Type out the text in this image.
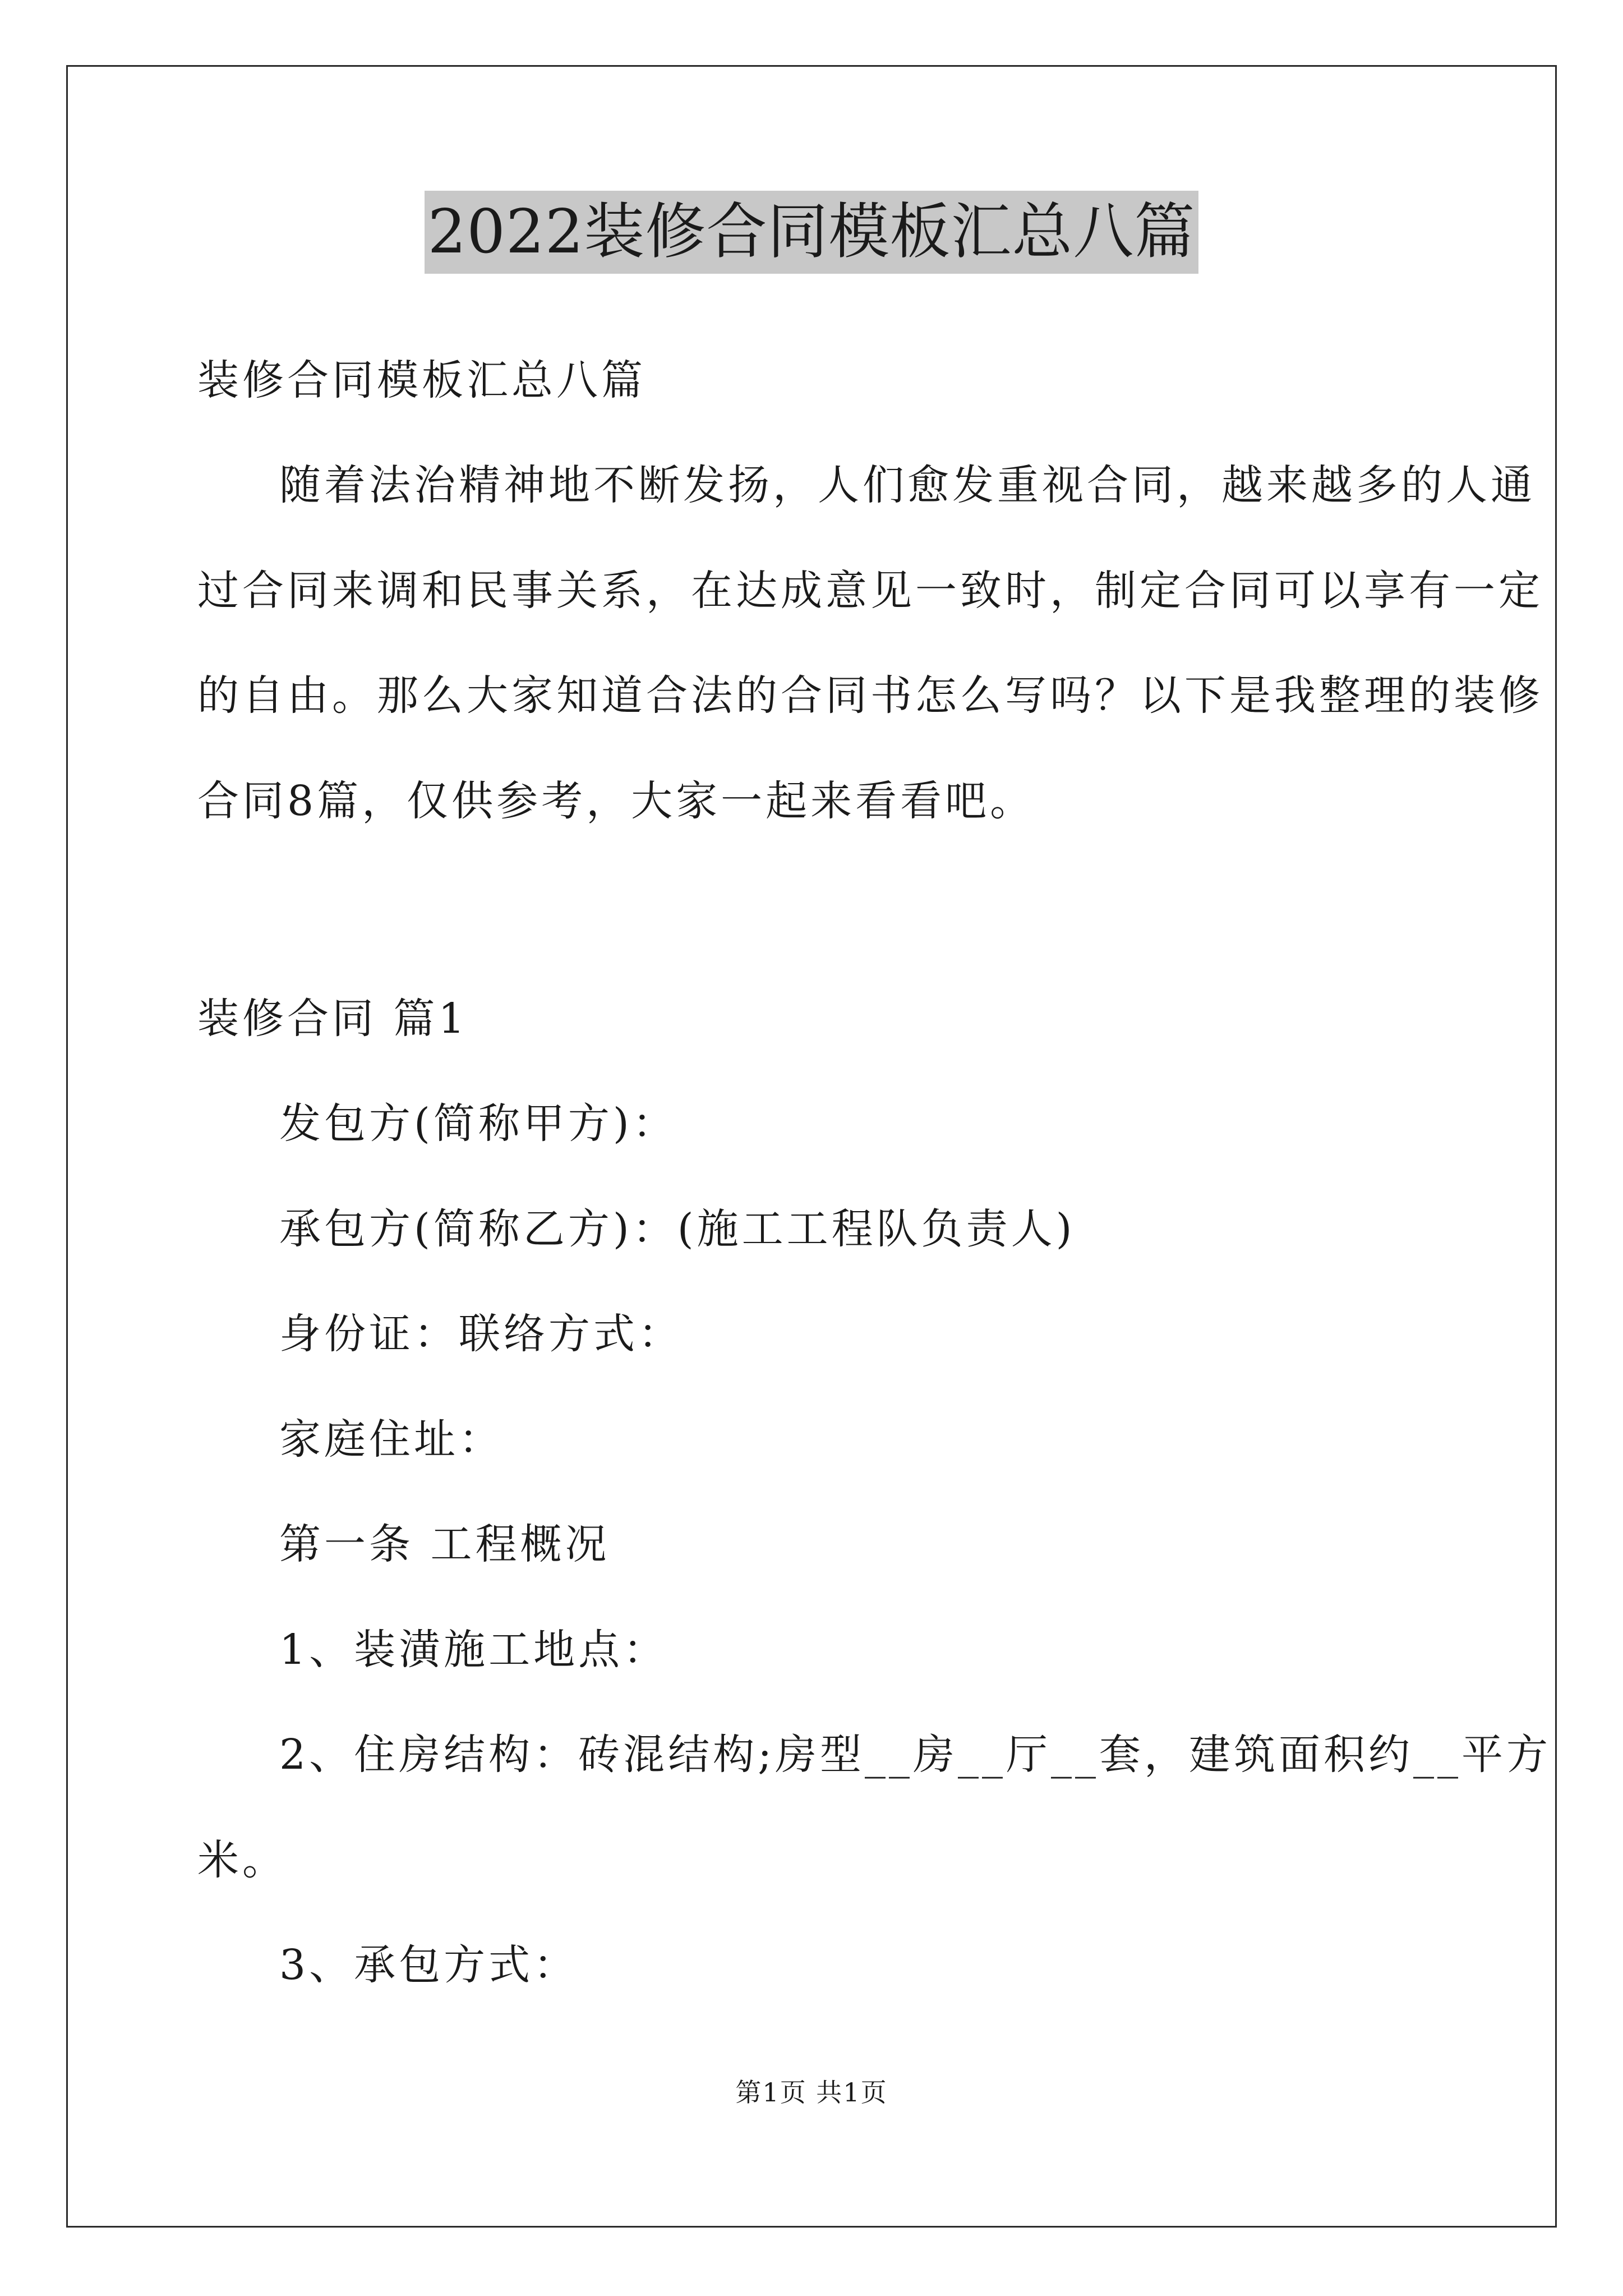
2022装修合同模板汇总八篇
装修合同模板汇总八篇
随着法治精神地不断发扬，人们愈发重视合同，越来越多的人通
过合同来调和民事关系，在达成意见一致时，制定合同可以享有一定
的自由。那么大家知道合法的合同书怎么写吗？以下是我整理的装修
合同8篇，仅供参考，大家一起来看看吧。
装修合同 篇1
发包方(简称甲方)：
承包方(简称乙方)：(施工工程队负责人)
身份证：联络方式：
家庭住址：
第一条 工程概况
1、装潢施工地点：
2、住房结构：砖混结构;房型__房__厅__套，建筑面积约__平方
米。
3、承包方式：
第1页 共1页
